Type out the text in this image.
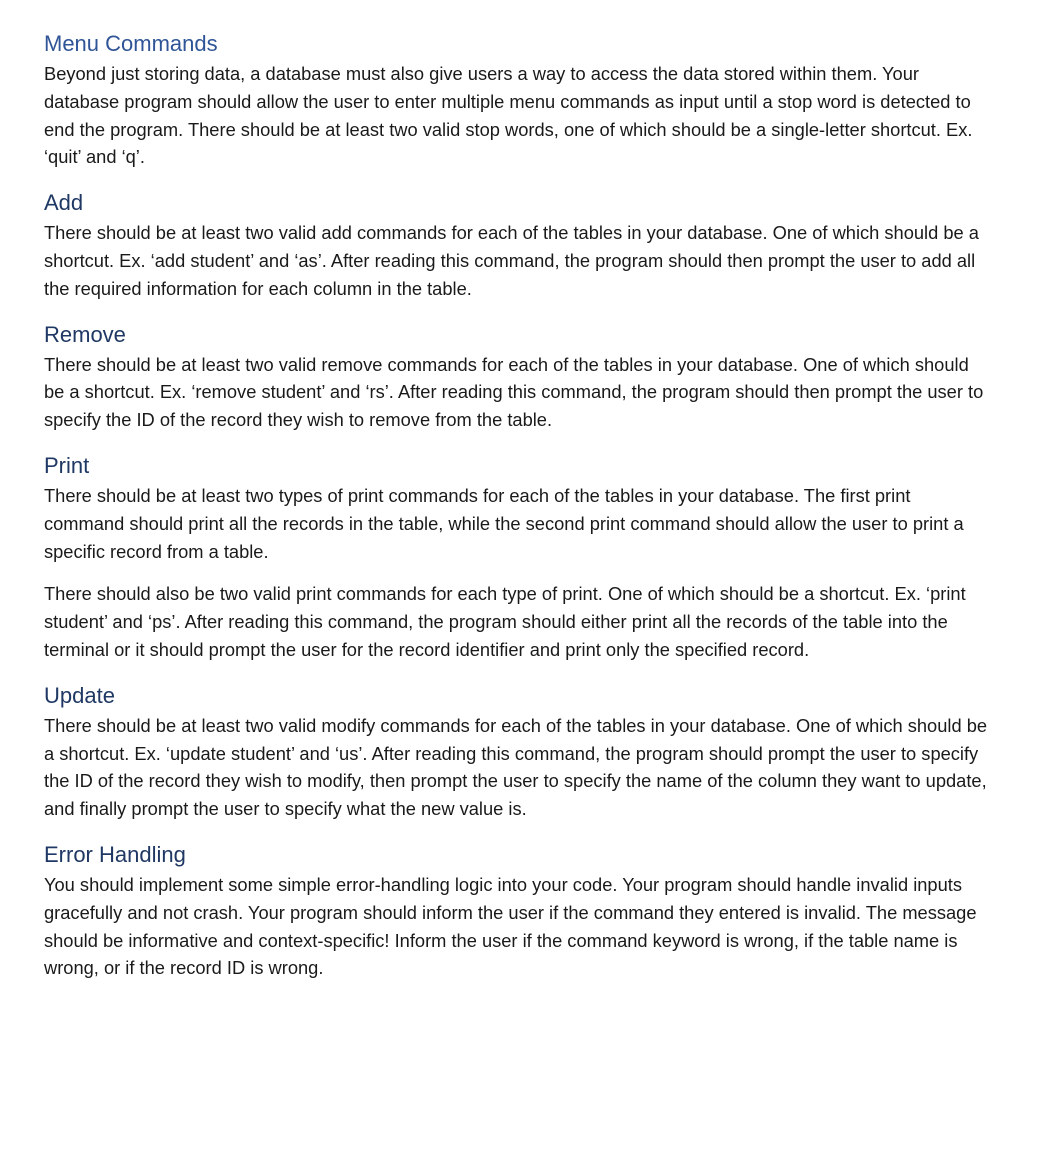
Menu Commands

Beyond just storing data, a database must also give users a way to access the data stored within them. Your database program should allow the user to enter multiple menu commands as input until a stop word is detected to end the program. There should be at least two valid stop words, one of which should be a single-letter shortcut. Ex. ‘quit’ and ‘q’.

Add

There should be at least two valid add commands for each of the tables in your database. One of which should be a shortcut. Ex. ‘add student’ and ‘as’. After reading this command, the program should then prompt the user to add all the required information for each column in the table.

Remove

There should be at least two valid remove commands for each of the tables in your database. One of which should be a shortcut. Ex. ‘remove student’ and ‘rs’. After reading this command, the program should then prompt the user to specify the ID of the record they wish to remove from the table.

Print

There should be at least two types of print commands for each of the tables in your database. The first print command should print all the records in the table, while the second print command should allow the user to print a specific record from a table.

There should also be two valid print commands for each type of print. One of which should be a shortcut. Ex. ‘print student’ and ‘ps’. After reading this command, the program should either print all the records of the table into the terminal or it should prompt the user for the record identifier and print only the specified record.

Update

There should be at least two valid modify commands for each of the tables in your database. One of which should be a shortcut. Ex. ‘update student’ and ‘us’. After reading this command, the program should prompt the user to specify the ID of the record they wish to modify, then prompt the user to specify the name of the column they want to update, and finally prompt the user to specify what the new value is.

Error Handling

You should implement some simple error-handling logic into your code. Your program should handle invalid inputs gracefully and not crash. Your program should inform the user if the command they entered is invalid. The message should be informative and context-specific! Inform the user if the command keyword is wrong, if the table name is wrong, or if the record ID is wrong.
